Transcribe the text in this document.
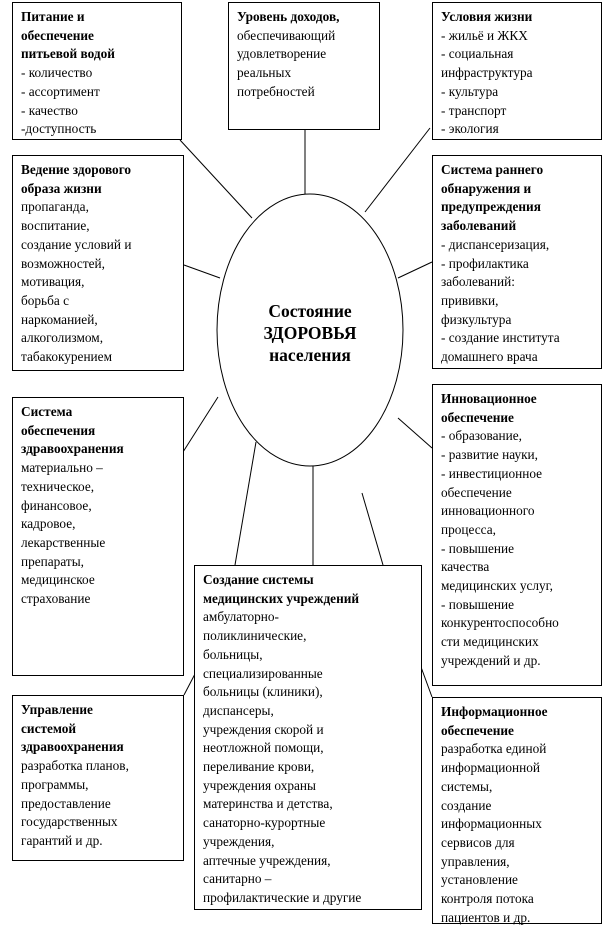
Состояние
ЗДОРОВЬЯ
населения
Питание и
обеспечение
питьевой водой
- количество
- ассортимент
- качество
-доступность
Уровень доходов,
обеспечивающий
удовлетворение
реальных
потребностей
Условия жизни
- жильё и ЖКХ
- социальная
инфраструктура
- культура
- транспорт
- экология
Ведение здорового
образа жизни
пропаганда,
воспитание,
создание условий и
возможностей,
мотивация,
борьба с
наркоманией,
алкоголизмом,
табакокурением
Система раннего
обнаружения и
предупреждения
заболеваний
- диспансеризация,
- профилактика
заболеваний:
прививки,
физкультура
- создание института
домашнего врача
Система
обеспечения
здравоохранения
материально –
техническое,
финансовое,
кадровое,
лекарственные
препараты,
медицинское
страхование
Инновационное
обеспечение
- образование,
- развитие науки,
- инвестиционное
обеспечение
инновационного
процесса,
- повышение
качества
медицинских услуг,
- повышение
конкурентоспособно
сти медицинских
учреждений и др.
Создание системы
медицинских учреждений
амбулаторно-
поликлинические,
больницы,
специализированные
больницы (клиники),
диспансеры,
учреждения скорой и
неотложной помощи,
переливание крови,
учреждения охраны
материнства и детства,
санаторно-курортные
учреждения,
аптечные учреждения,
санитарно –
профилактические и другие
Управление
системой
здравоохранения
разработка планов,
программы,
предоставление
государственных
гарантий и др.
Информационное
обеспечение
разработка единой
информационной
системы,
создание
информационных
сервисов для
управления,
установление
контроля потока
пациентов и др.
